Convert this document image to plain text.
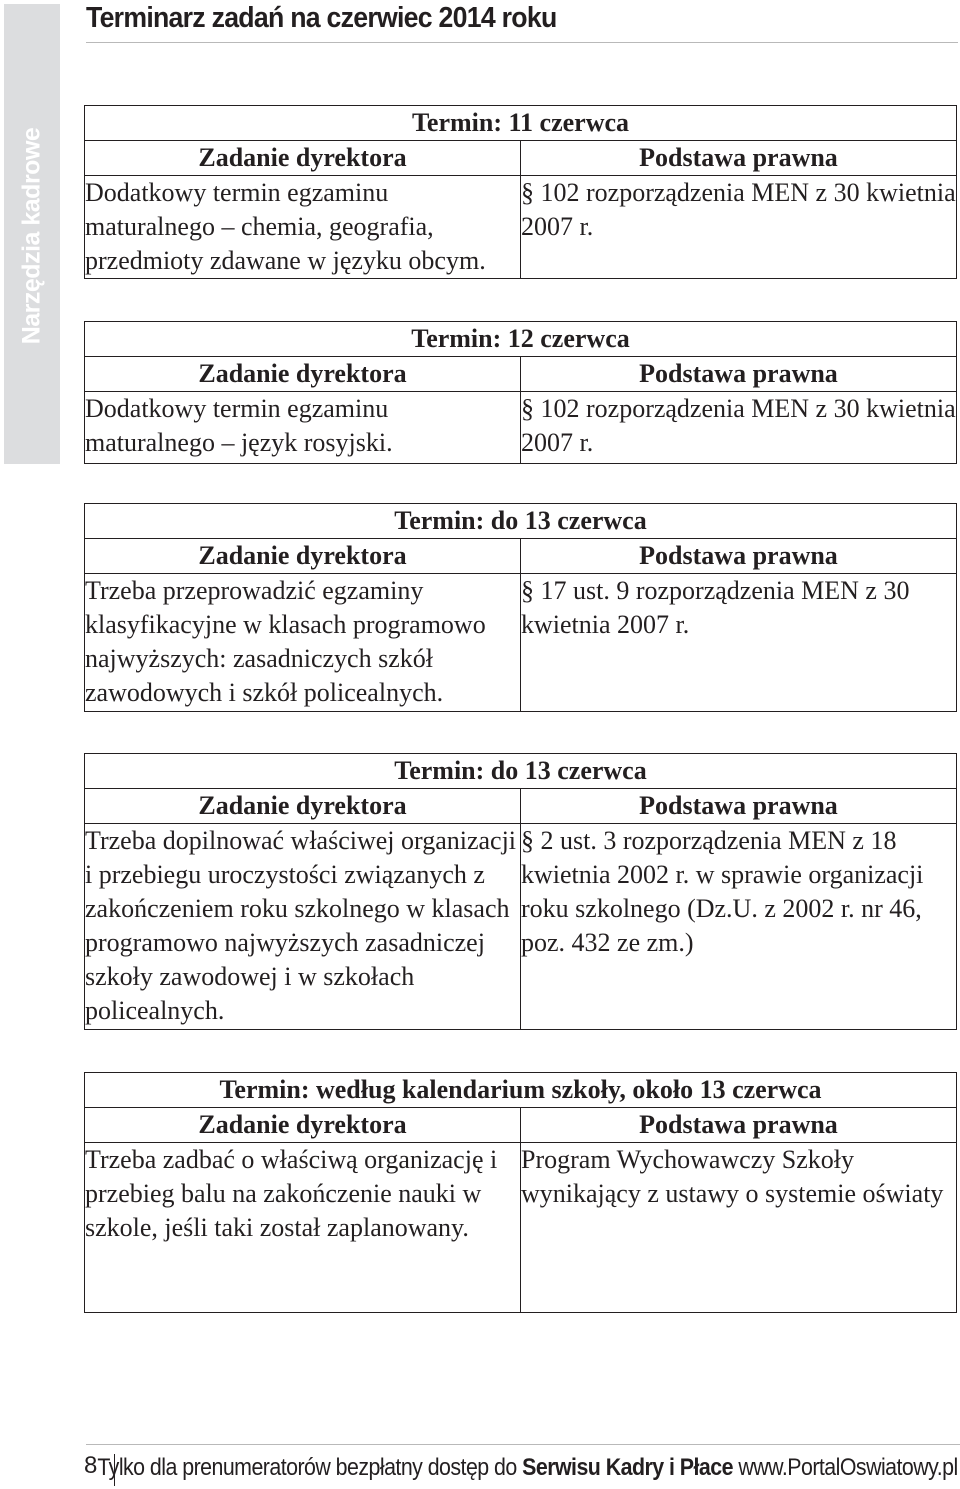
Narzędzia kadrowe
Terminarz zadań na czerwiec 2014 roku
Termin: 11 czerwca	
Zadanie dyrektora	Podstawa prawna
Dodatkowy termin egzaminu maturalnego – chemia, geografia, przedmioty zdawane w języku obcym.	§ 102 rozporządzenia MEN z 30 kwietnia 2007 r.
Termin: 12 czerwca	
Zadanie dyrektora	Podstawa prawna
Dodatkowy termin egzaminu maturalnego – język rosyjski.	§ 102 rozporządzenia MEN z 30 kwietnia 2007 r.
Termin: do 13 czerwca	
Zadanie dyrektora	Podstawa prawna
Trzeba przeprowadzić egzaminy klasyfikacyjne w klasach programowo najwyższych: zasadniczych szkół zawodowych i szkół policealnych.	§ 17 ust. 9 rozporządzenia MEN z 30 kwietnia 2007 r.
Termin: do 13 czerwca	
Zadanie dyrektora	Podstawa prawna
Trzeba dopilnować właściwej organizacji i przebiegu uroczystości związanych z zakończeniem roku szkolnego w klasach programowo najwyższych zasadniczej szkoły zawodowej i w szkołach policealnych.	§ 2 ust. 3 rozporządzenia MEN z 18 kwietnia 2002 r. w sprawie organizacji roku szkolnego (Dz.U. z 2002 r. nr 46, poz. 432 ze zm.)
Termin: według kalendarium szkoły, około 13 czerwca	
Zadanie dyrektora	Podstawa prawna
Trzeba zadbać o właściwą organizację i przebieg balu na zakończenie nauki w szkole, jeśli taki został zaplanowany.	Program Wychowawczy Szkoły wynikający z ustawy o systemie oświaty
8 Tylko dla prenumeratorów bezpłatny dostęp do Serwisu Kadry i Płace www.PortalOswiatowy.pl
